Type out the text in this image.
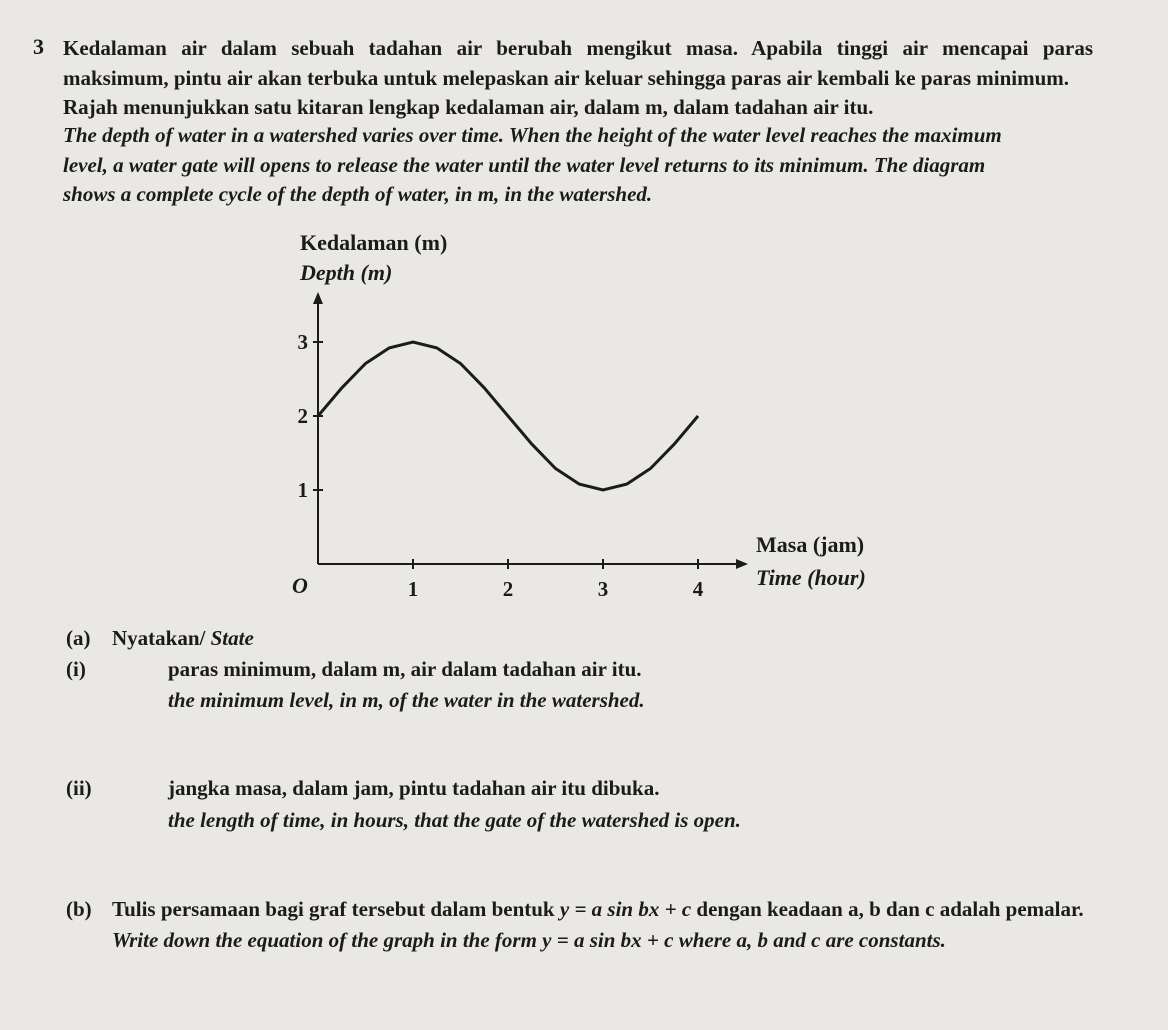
3 Kedalaman air dalam sebuah tadahan air berubah mengikut masa. Apabila tinggi air mencapai paras
maksimum, pintu air akan terbuka untuk melepaskan air keluar sehingga paras air kembali ke paras minimum.
Rajah menunjukkan satu kitaran lengkap kedalaman air, dalam m, dalam tadahan air itu.
The depth of water in a watershed varies over time. When the height of the water level reaches the maximum
level, a water gate will opens to release the water until the water level returns to its minimum. The diagram
shows a complete cycle of the depth of water, in m, in the watershed.
Kedalaman (m)
Depth (m)
O
1
2
3
1	2	3	4
Masa (jam)
Time (hour)
(a) Nyatakan/ State
(i)	paras minimum, dalam m, air dalam tadahan air itu.
the minimum level, in m, of the water in the watershed.
(ii)	jangka masa, dalam jam, pintu tadahan air itu dibuka.
the length of time, in hours, that the gate of the watershed is open.
(b) Tulis persamaan bagi graf tersebut dalam bentuk y = a sin bx + c dengan keadaan a, b dan c adalah pemalar.
Write down the equation of the graph in the form y = a sin bx + c where a, b and c are constants.
